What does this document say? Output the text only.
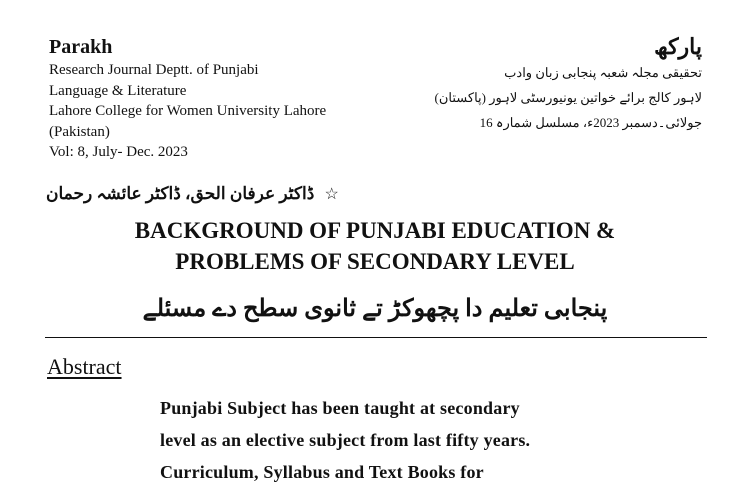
Parakh
Research Journal Deptt. of Punjabi
Language & Literature
Lahore College for Women University Lahore
(Pakistan)
Vol: 8, July- Dec. 2023
پارکھ
تحقیقی مجلہ شعبہ پنجابی زبان وادب
لاہور کالج برائے خواتین یونیورسٹی لاہور (پاکستان)
جولائی۔دسمبر 2023ء، مسلسل شمارہ 16
ڈاکٹر عرفان الحق، ڈاکٹر عائشہ رحمان ☆
BACKGROUND OF PUNJABI EDUCATION &
PROBLEMS OF SECONDARY LEVEL
پنجابی تعلیم دا پچھوکڑ تے ثانوی سطح دے مسئلے
Abstract
Punjabi Subject has been taught at secondary
level as an elective subject from last fifty years.
Curriculum, Syllabus and Text Books for
